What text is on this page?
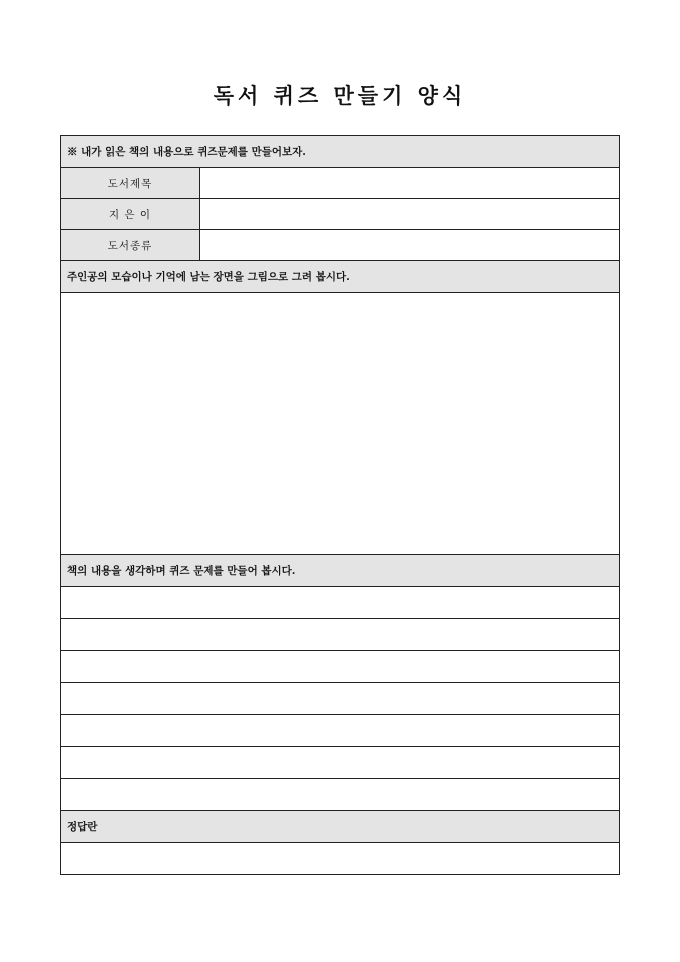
독서 퀴즈 만들기 양식
※ 내가 읽은 책의 내용으로 퀴즈문제를 만들어보자.	
도서제목	
지 은 이	
도서종류	
주인공의 모습이나 기억에 남는 장면을 그림으로 그려 봅시다.	

책의 내용을 생각하며 퀴즈 문제를 만들어 봅시다.	

정답란	
